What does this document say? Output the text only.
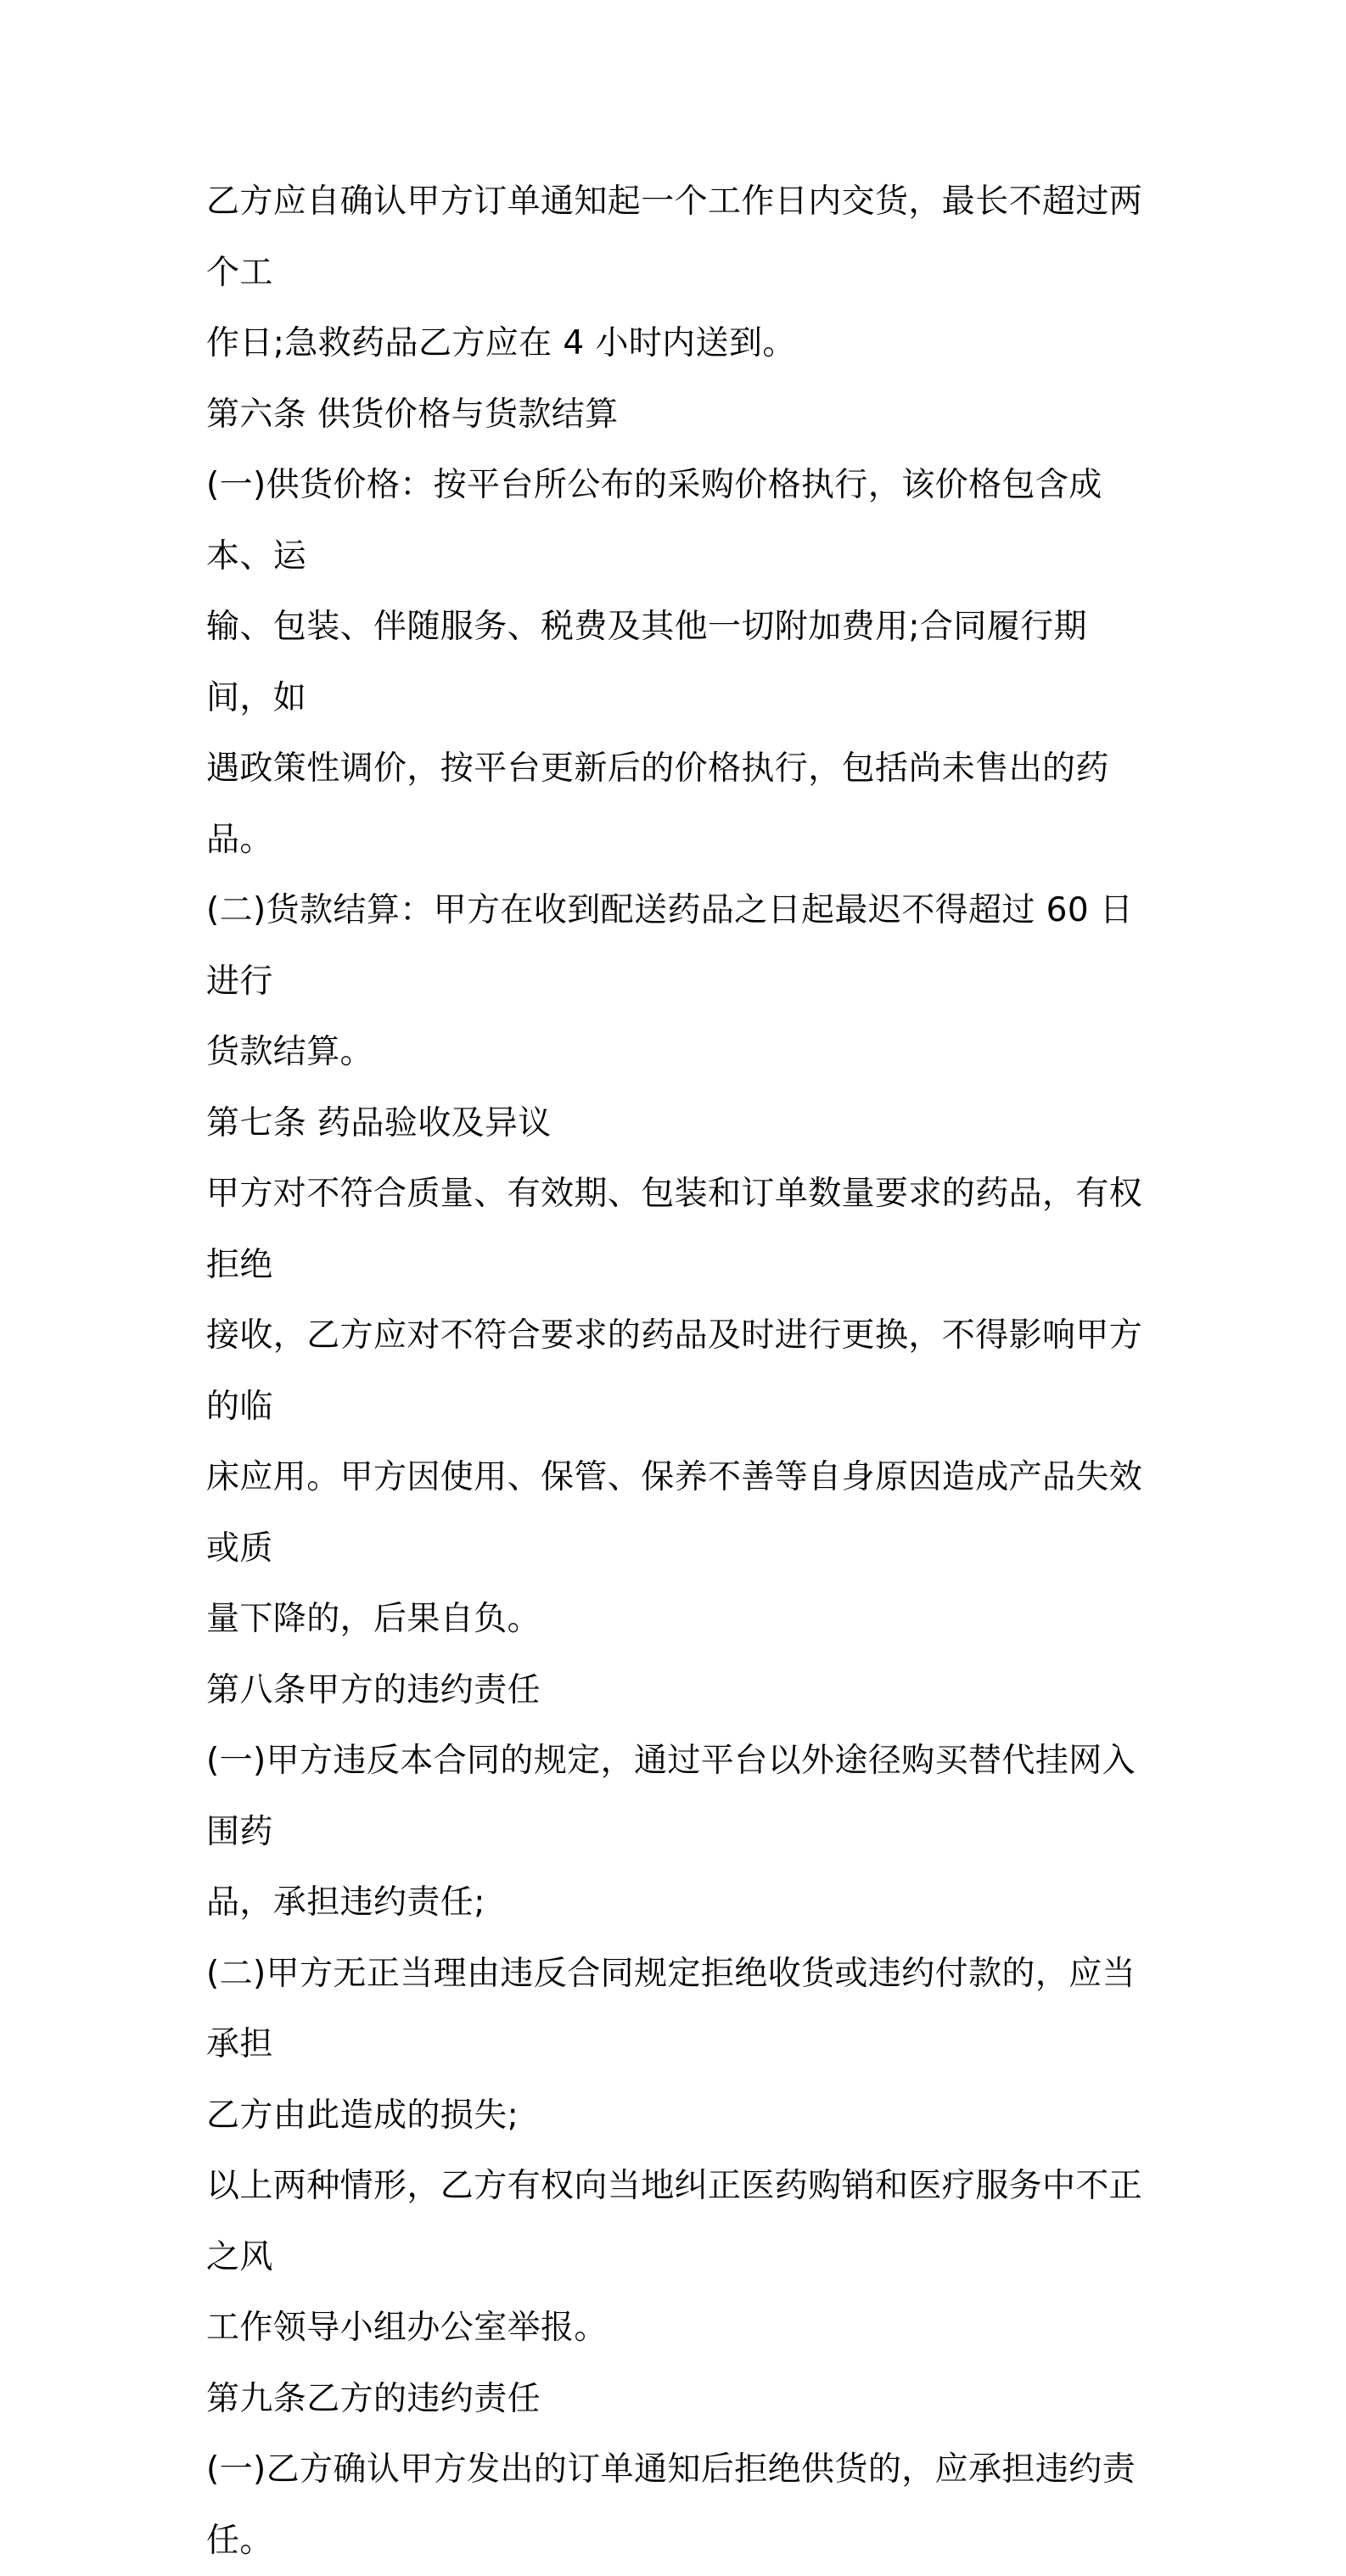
乙方应自确认甲方订单通知起一个工作日内交货，最长不超过两个工

作日;急救药品乙方应在 4 小时内送到。

第六条 供货价格与货款结算

(一)供货价格：按平台所公布的采购价格执行，该价格包含成本、运

输、包装、伴随服务、税费及其他一切附加费用;合同履行期间，如

遇政策性调价，按平台更新后的价格执行，包括尚未售出的药品。

(二)货款结算：甲方在收到配送药品之日起最迟不得超过 60 日进行

货款结算。

第七条 药品验收及异议

甲方对不符合质量、有效期、包装和订单数量要求的药品，有权拒绝

接收，乙方应对不符合要求的药品及时进行更换，不得影响甲方的临

床应用。甲方因使用、保管、保养不善等自身原因造成产品失效或质

量下降的，后果自负。

第八条甲方的违约责任

(一)甲方违反本合同的规定，通过平台以外途径购买替代挂网入围药

品，承担违约责任;

(二)甲方无正当理由违反合同规定拒绝收货或违约付款的，应当承担

乙方由此造成的损失;

以上两种情形，乙方有权向当地纠正医药购销和医疗服务中不正之风

工作领导小组办公室举报。

第九条乙方的违约责任

(一)乙方确认甲方发出的订单通知后拒绝供货的，应承担违约责任。
